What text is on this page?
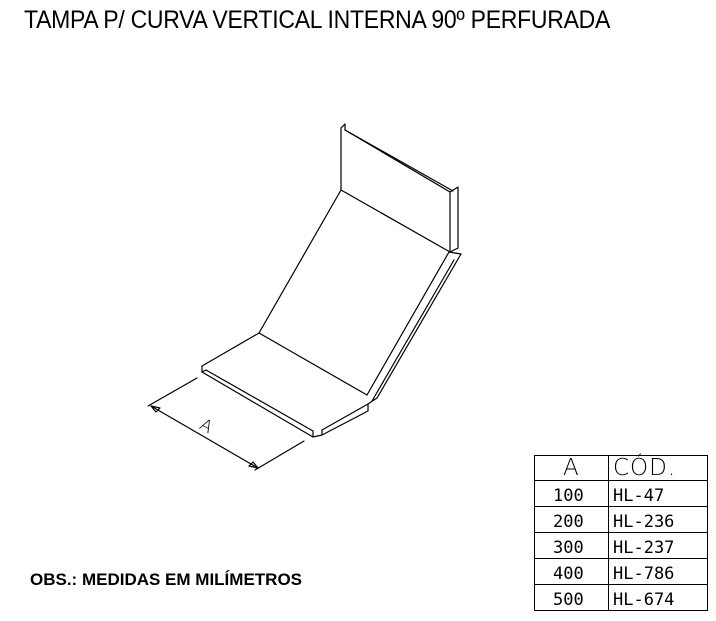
TAMPA P/ CURVA VERTICAL INTERNA 90º PERFURADA
A
OBS.: MEDIDAS EM MILÍMETROS
A	CÓD.
100	HL-47
200	HL-236
300	HL-237
400	HL-786
500	HL-674
